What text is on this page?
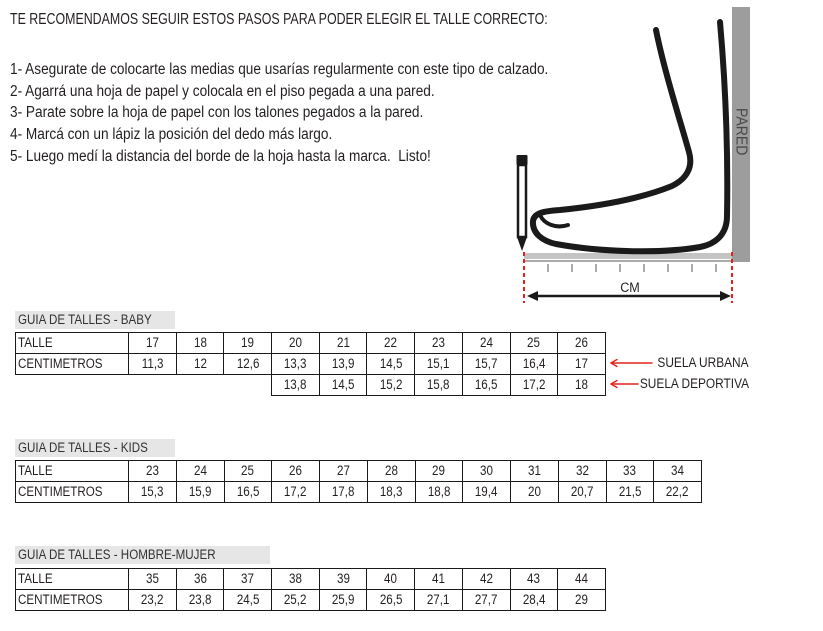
TE RECOMENDAMOS SEGUIR ESTOS PASOS PARA PODER ELEGIR EL TALLE CORRECTO:
1- Asegurate de colocarte las medias que usarías regularmente con este tipo de calzado.
2- Agarrá una hoja de papel y colocala en el piso pegada a una pared.
3- Parate sobre la hoja de papel con los talones pegados a la pared.
4- Marcá con un lápiz la posición del dedo más largo.
5- Luego medí la distancia del borde de la hoja hasta la marca.  Listo!
PARED
CM
GUIA DE TALLES - BABY
TALLE	17	18	19	20	21	22	23	24	25	26
CENTIMETROS	11,3	12	12,6	13,3	13,9	14,5	15,1	15,7	16,4	17
				13,8	14,5	15,2	15,8	16,5	17,2	18
SUELA URBANA
SUELA DEPORTIVA
GUIA DE TALLES - KIDS
TALLE	23	24	25	26	27	28	29	30	31	32	33	34
CENTIMETROS	15,3	15,9	16,5	17,2	17,8	18,3	18,8	19,4	20	20,7	21,5	22,2
GUIA DE TALLES - HOMBRE-MUJER
TALLE	35	36	37	38	39	40	41	42	43	44
CENTIMETROS	23,2	23,8	24,5	25,2	25,9	26,5	27,1	27,7	28,4	29
